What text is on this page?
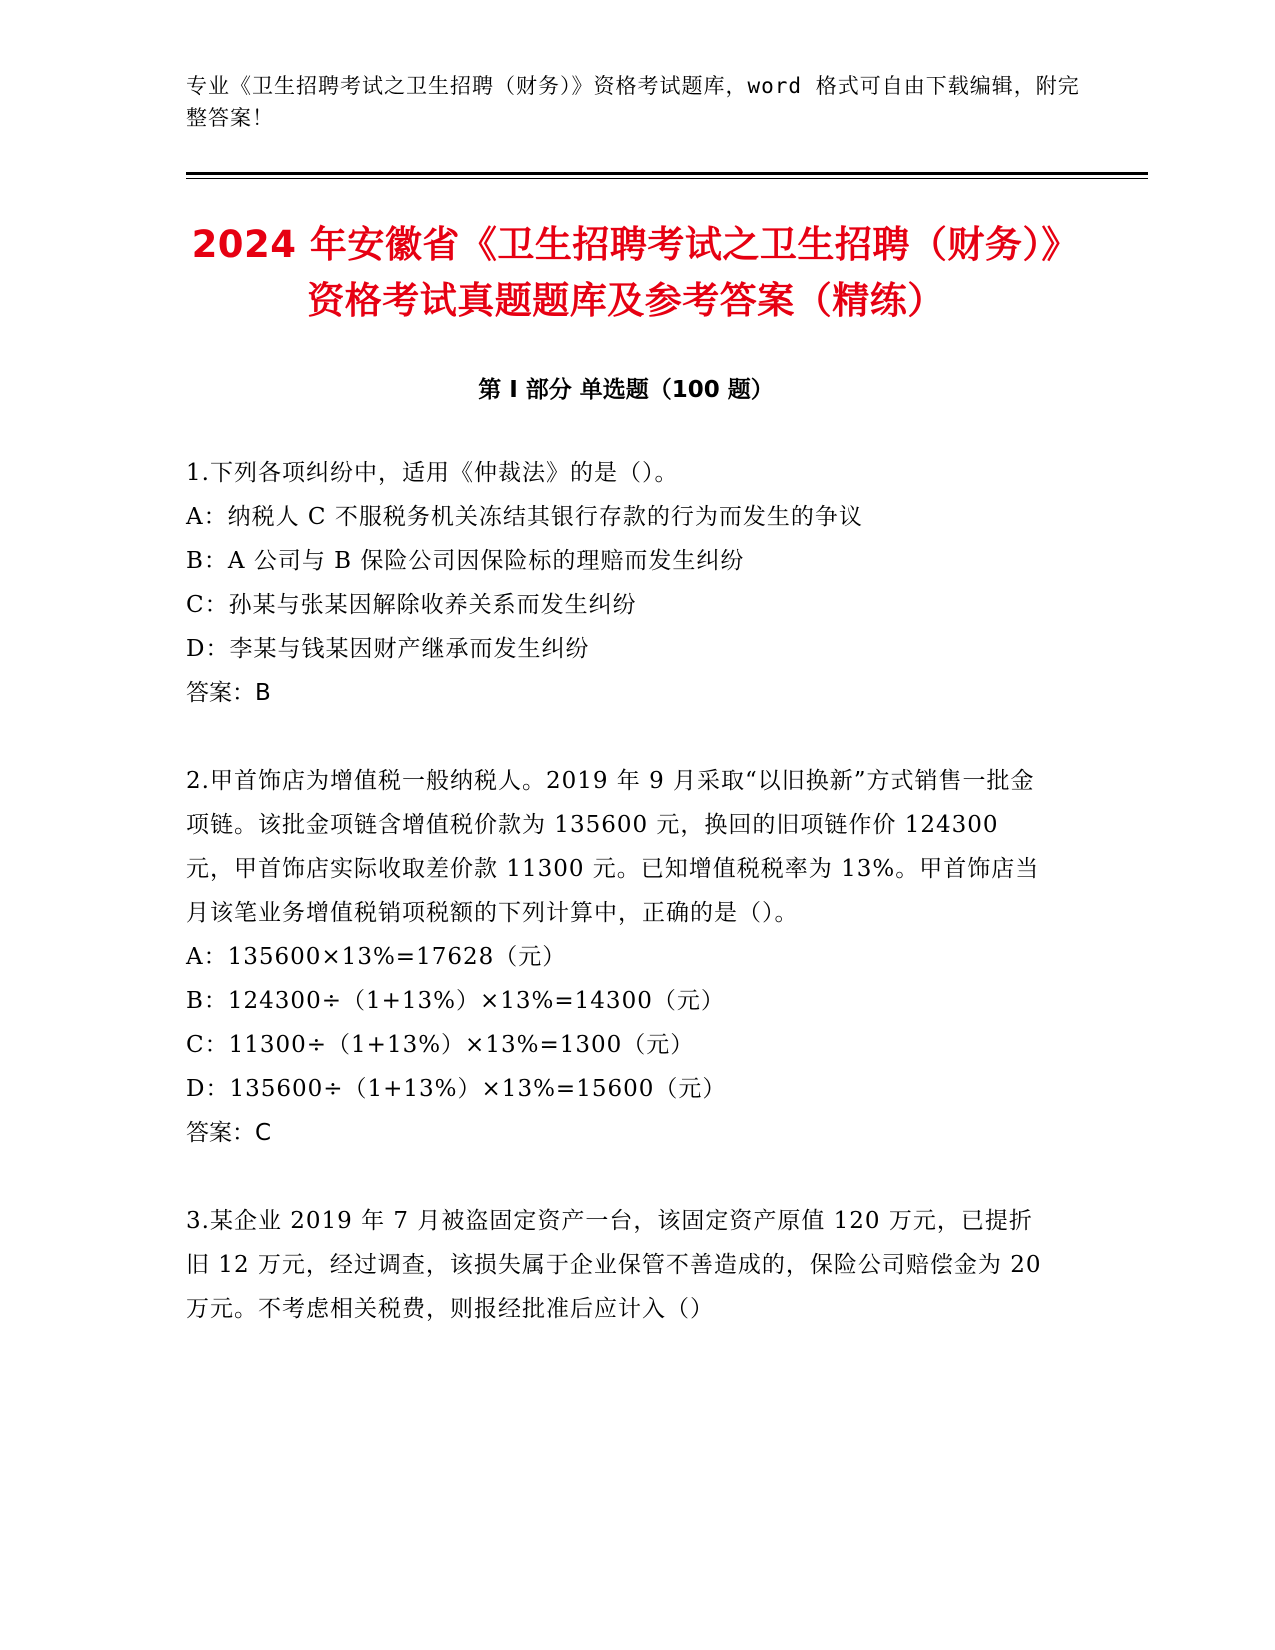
专业《卫生招聘考试之卫生招聘（财务）》资格考试题库，word 格式可自由下载编辑，附完整答案！

2024 年安徽省《卫生招聘考试之卫生招聘（财务）》资格考试真题题库及参考答案（精练）
第 I 部分 单选题（100 题）

1.下列各项纠纷中，适用《仲裁法》的是（）。

A：纳税人 C 不服税务机关冻结其银行存款的行为而发生的争议

B：A 公司与 B 保险公司因保险标的理赔而发生纠纷

C：孙某与张某因解除收养关系而发生纠纷

D：李某与钱某因财产继承而发生纠纷

答案：B

2.甲首饰店为增值税一般纳税人。2019 年 9 月采取“以旧换新”方式销售一批金项链。该批金项链含增值税价款为 135600 元，换回的旧项链作价 124300 元，甲首饰店实际收取差价款 11300 元。已知增值税税率为 13%。甲首饰店当月该笔业务增值税销项税额的下列计算中，正确的是（）。

A：135600×13%=17628（元）

B：124300÷（1+13%）×13%=14300（元）

C：11300÷（1+13%）×13%=1300（元）

D：135600÷（1+13%）×13%=15600（元）

答案：C

3.某企业 2019 年 7 月被盗固定资产一台，该固定资产原值 120 万元，已提折旧 12 万元，经过调查，该损失属于企业保管不善造成的，保险公司赔偿金为 20 万元。不考虑相关税费，则报经批准后应计入（）
